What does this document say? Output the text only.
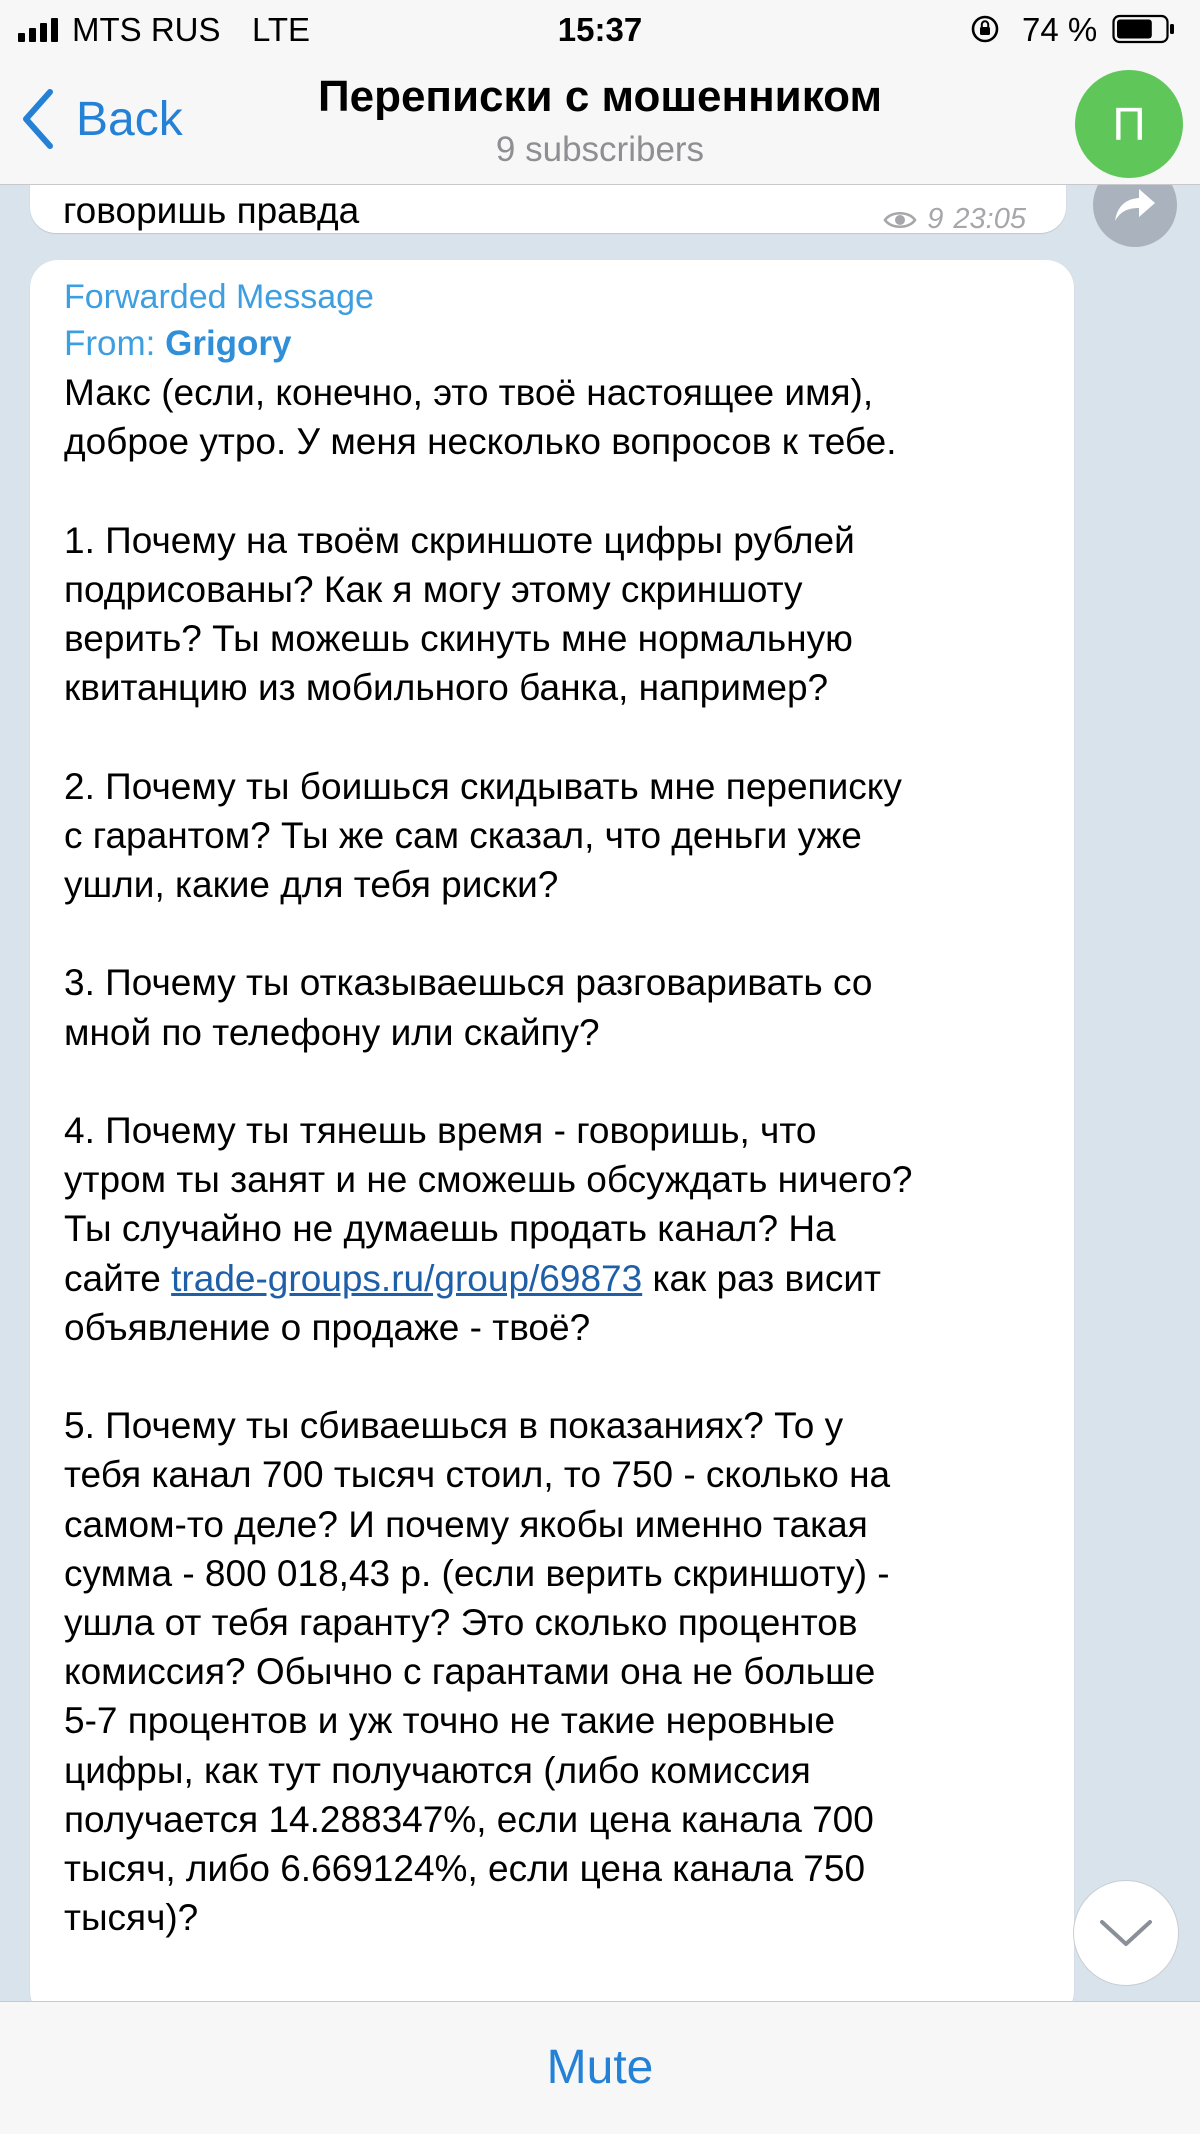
MTS RUS LTE	15:37	74 %
Back	Переписки с мошенником
9 subscribers	П
говоришь правда	9 23:05
Forwarded Message
From: Grigory
Макс (если, конечно, это твоё настоящее имя),
доброе утро. У меня несколько вопросов к тебе.

1. Почему на твоём скриншоте цифры рублей
подрисованы? Как я могу этому скриншоту
верить? Ты можешь скинуть мне нормальную
квитанцию из мобильного банка, например?

2. Почему ты боишься скидывать мне переписку
с гарантом? Ты же сам сказал, что деньги уже
ушли, какие для тебя риски?

3. Почему ты отказываешься разговаривать со
мной по телефону или скайпу?

4. Почему ты тянешь время - говоришь, что
утром ты занят и не сможешь обсуждать ничего?
Ты случайно не думаешь продать канал? На
сайте trade-groups.ru/group/69873 как раз висит
объявление о продаже - твоё?

5. Почему ты сбиваешься в показаниях? То у
тебя канал 700 тысяч стоил, то 750 - сколько на
самом-то деле? И почему якобы именно такая
сумма - 800 018,43 р. (если верить скриншоту) -
ушла от тебя гаранту? Это сколько процентов
комиссия? Обычно с гарантами она не больше
5-7 процентов и уж точно не такие неровные
цифры, как тут получаются (либо комиссия
получается 14.288347%, если цена канала 700
тысяч, либо 6.669124%, если цена канала 750
тысяч)?
Mute
